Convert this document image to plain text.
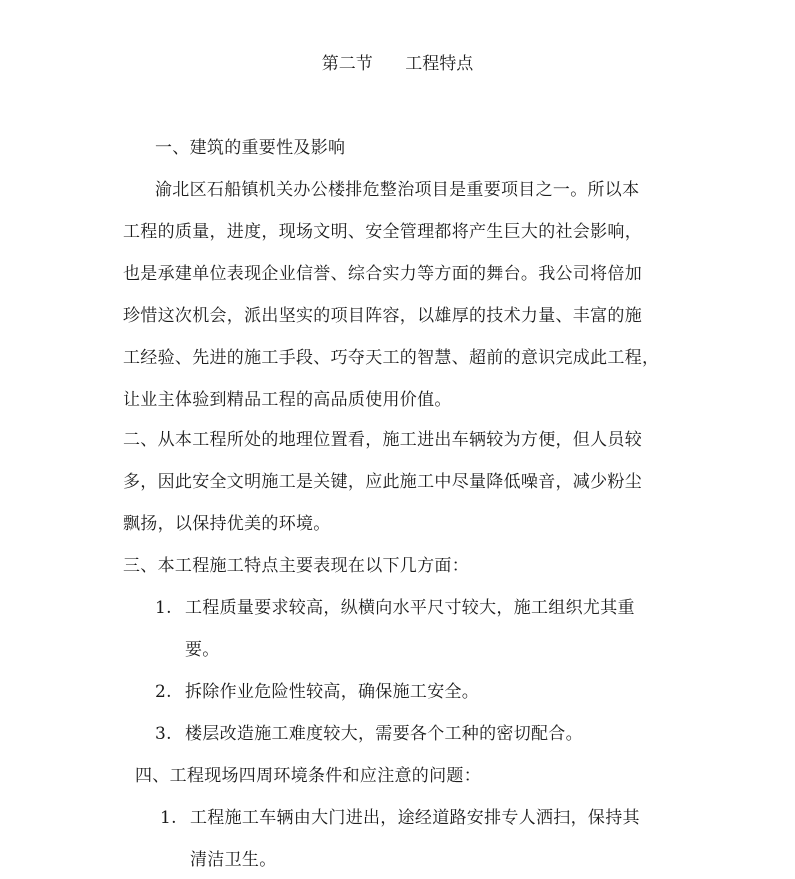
第二节      工程特点
一、建筑的重要性及影响
渝北区石船镇机关办公楼排危整治项目是重要项目之一。所以本
工程的质量，进度，现场文明、安全管理都将产生巨大的社会影响，
也是承建单位表现企业信誉、综合实力等方面的舞台。我公司将倍加
珍惜这次机会，派出坚实的项目阵容，以雄厚的技术力量、丰富的施
工经验、先进的施工手段、巧夺天工的智慧、超前的意识完成此工程，
让业主体验到精品工程的高品质使用价值。
二、从本工程所处的地理位置看，施工进出车辆较为方便，但人员较
多，因此安全文明施工是关键，应此施工中尽量降低噪音，减少粉尘
飘扬，以保持优美的环境。
三、本工程施工特点主要表现在以下几方面：
1. 工程质量要求较高，纵横向水平尺寸较大，施工组织尤其重
要。
2. 拆除作业危险性较高，确保施工安全。
3. 楼层改造施工难度较大，需要各个工种的密切配合。
四、工程现场四周环境条件和应注意的问题：
1. 工程施工车辆由大门进出，途经道路安排专人洒扫，保持其
清洁卫生。
